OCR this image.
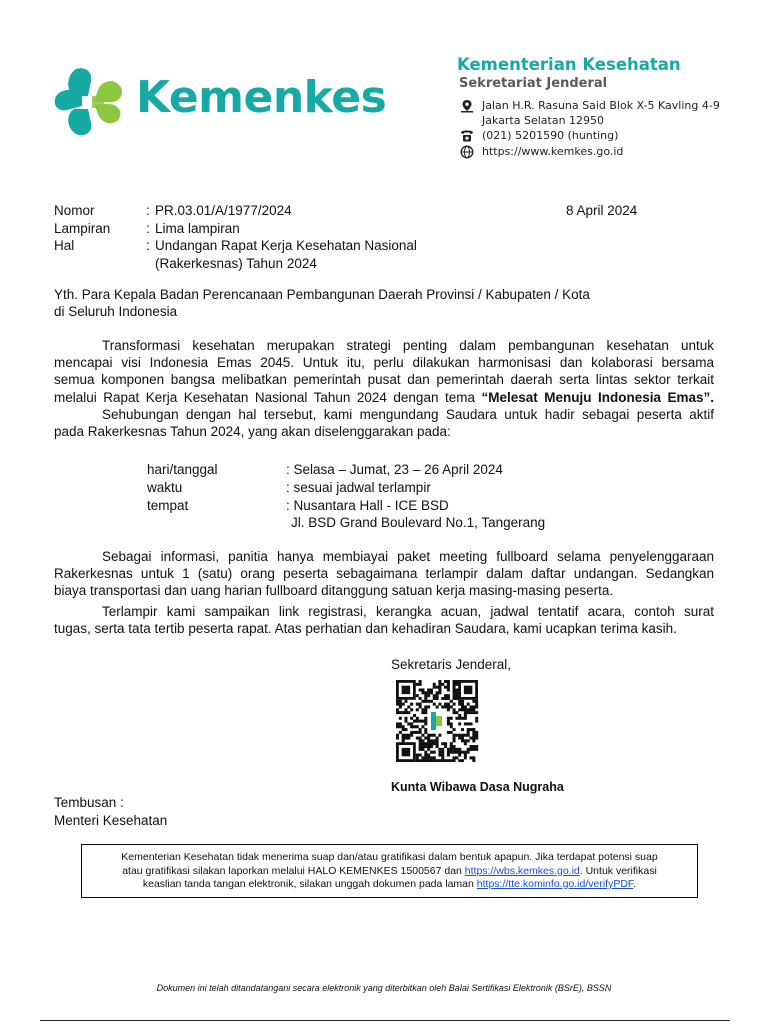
Kemenkes
Kementerian Kesehatan
Sekretariat Jenderal
Jalan H.R. Rasuna Said Blok X-5 Kavling 4-9
Jakarta Selatan 12950
(021) 5201590 (hunting)
https://www.kemkes.go.id
Nomor	: PR.03.01/A/1977/2024	8 April 2024
Lampiran	: Lima lampiran
Hal	: Undangan Rapat Kerja Kesehatan Nasional
(Rakerkesnas) Tahun 2024
Yth. Para Kepala Badan Perencanaan Pembangunan Daerah Provinsi / Kabupaten / Kota
di Seluruh Indonesia
Transformasi kesehatan merupakan strategi penting dalam pembangunan kesehatan untuk
mencapai visi Indonesia Emas 2045. Untuk itu, perlu dilakukan harmonisasi dan kolaborasi bersama
semua komponen bangsa melibatkan pemerintah pusat dan pemerintah daerah serta lintas sektor terkait
melalui Rapat Kerja Kesehatan Nasional Tahun 2024 dengan tema “Melesat Menuju Indonesia Emas”.
Sehubungan dengan hal tersebut, kami mengundang Saudara untuk hadir sebagai peserta aktif
pada Rakerkesnas Tahun 2024, yang akan diselenggarakan pada:
hari/tanggal	: Selasa – Jumat, 23 – 26 April 2024
waktu	: sesuai jadwal terlampir
tempat	: Nusantara Hall - ICE BSD
Jl. BSD Grand Boulevard No.1, Tangerang
Sebagai informasi, panitia hanya membiayai paket meeting fullboard selama penyelenggaraan
Rakerkesnas untuk 1 (satu) orang peserta sebagaimana terlampir dalam daftar undangan. Sedangkan
biaya transportasi dan uang harian fullboard ditanggung satuan kerja masing-masing peserta.
Terlampir kami sampaikan link registrasi, kerangka acuan, jadwal tentatif acara, contoh surat
tugas, serta tata tertib peserta rapat. Atas perhatian dan kehadiran Saudara, kami ucapkan terima kasih.
Sekretaris Jenderal,
Kunta Wibawa Dasa Nugraha
Tembusan :
Menteri Kesehatan
Kementerian Kesehatan tidak menerima suap dan/atau gratifikasi dalam bentuk apapun. Jika terdapat potensi suap
atau gratifikasi silakan laporkan melalui HALO KEMENKES 1500567 dan https://wbs.kemkes.go.id. Untuk verifikasi
keaslian tanda tangan elektronik, silakan unggah dokumen pada laman https://tte.kominfo.go.id/verifyPDF.
Dokumen ini telah ditandatangani secara elektronik yang diterbitkan oleh Balai Sertifikasi Elektronik (BSrE), BSSN
